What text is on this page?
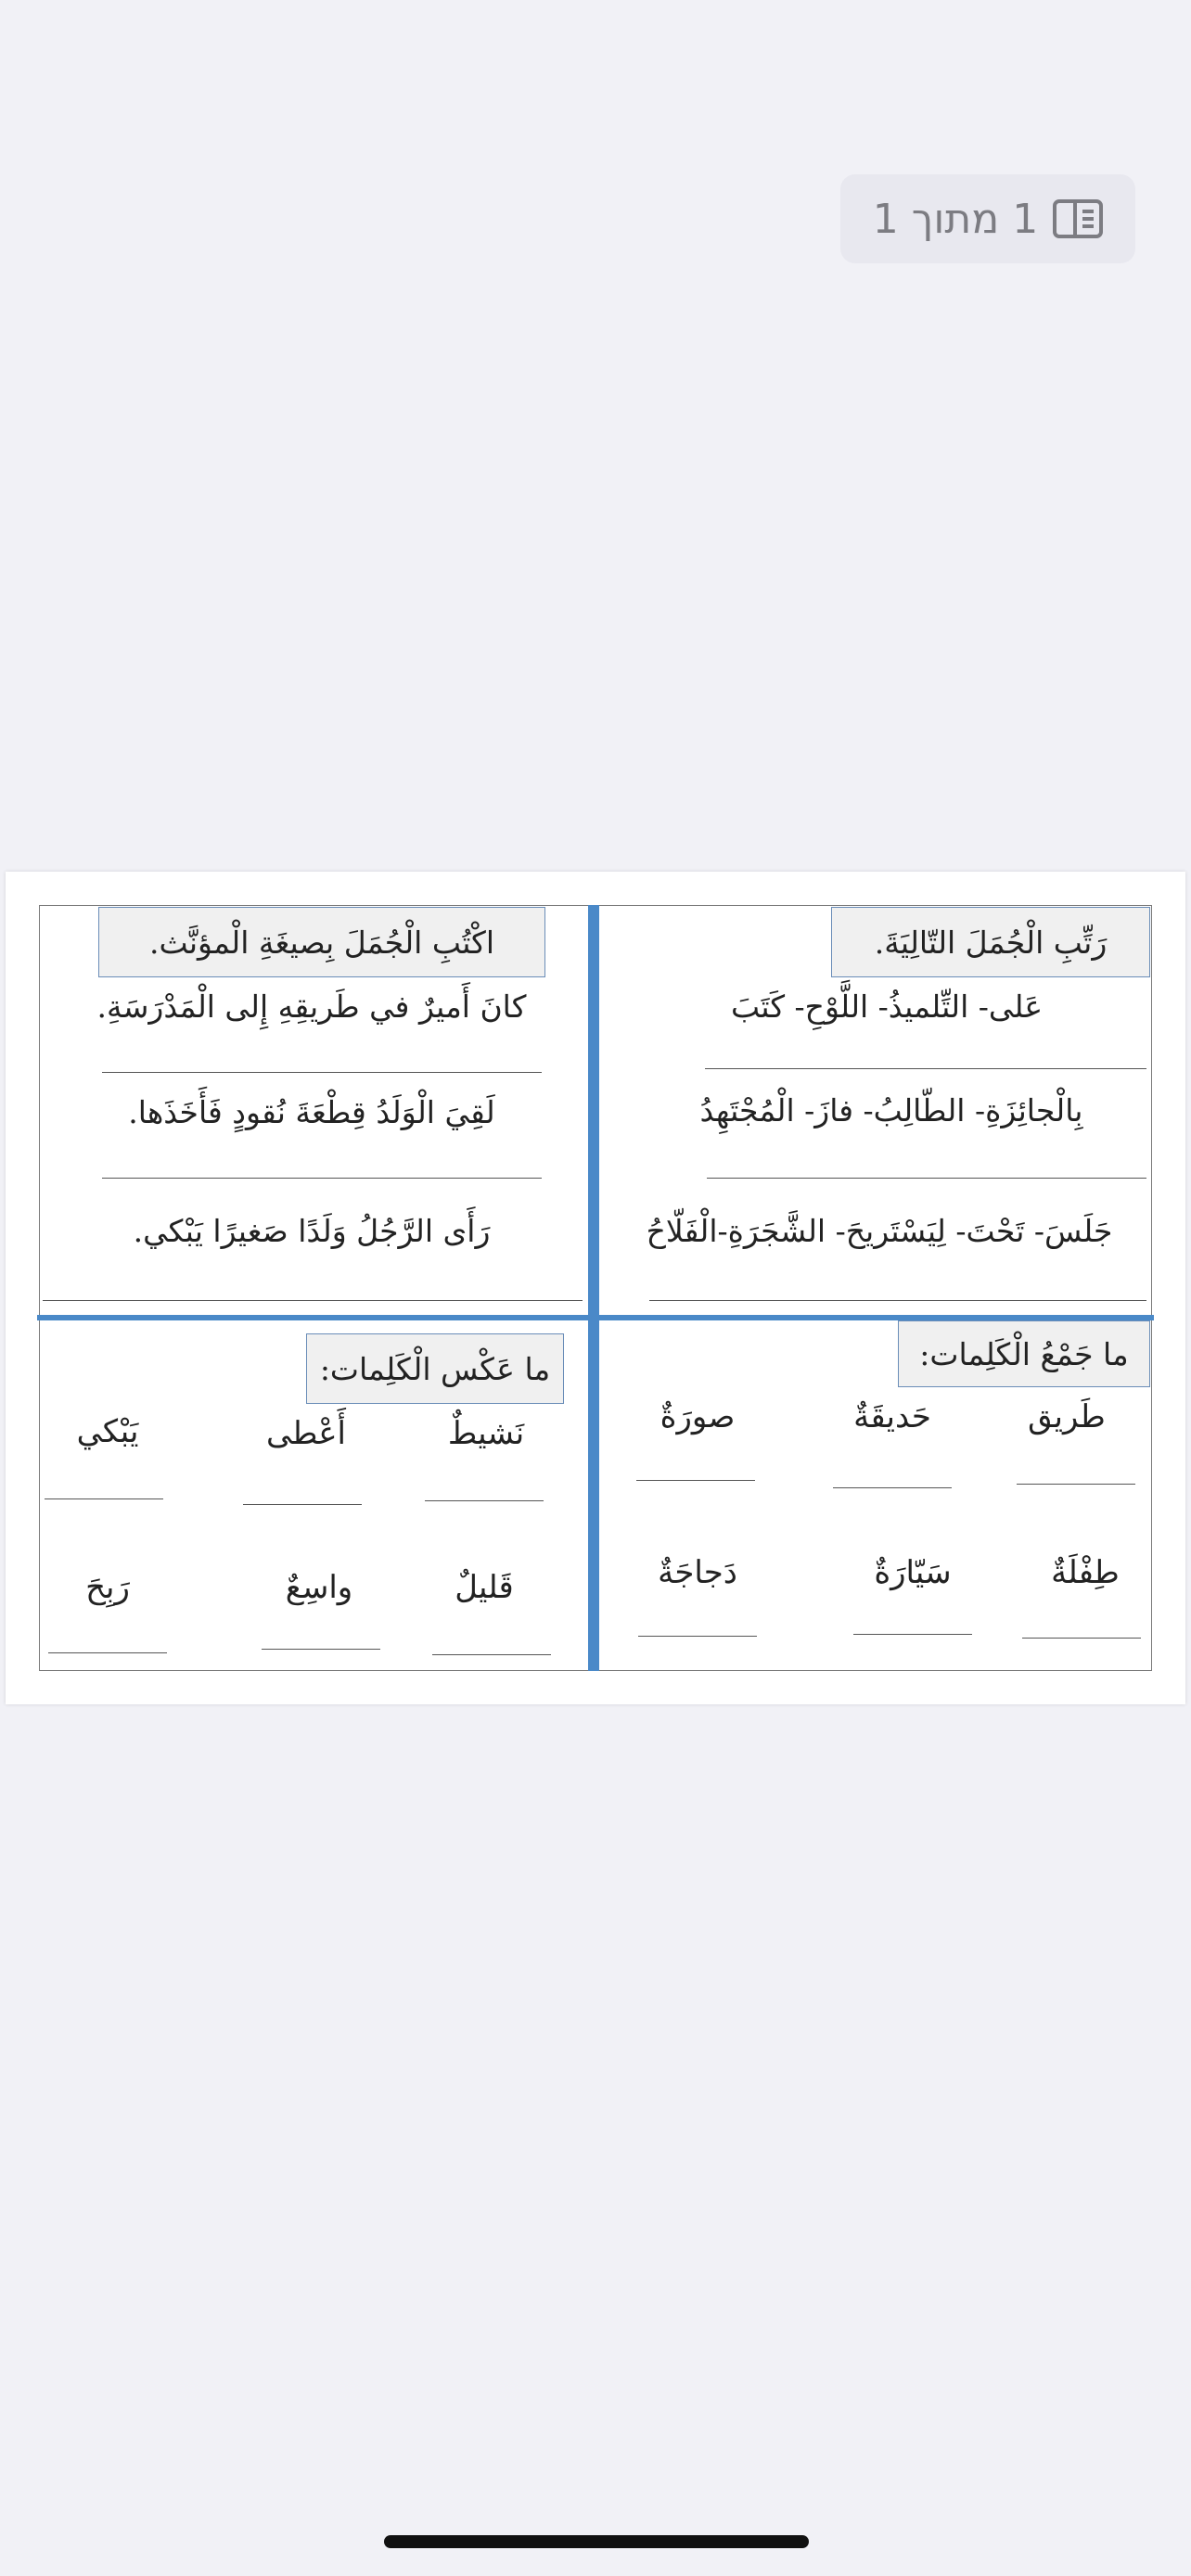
1 מתוך 1
رَتِّبِ الْجُمَلَ التّالِيَةَ.
عَلى- التِّلميذُ- اللَّوْحِ- كَتَبَ
بِالْجائِزَةِ- الطّالِبُ- فازَ- الْمُجْتَهِدُ
جَلَسَ- تَحْتَ- لِيَسْتَريحَ- الشَّجَرَةِ-الْفَلّاحُ
اكْتُبِ الْجُمَلَ بِصيغَةِ الْمؤنَّث.
كانَ أَميرٌ في طَريقِهِ إِلى الْمَدْرَسَةِ.
لَقِيَ الْوَلَدُ قِطْعَةَ نُقودٍ فَأَخَذَها.
رَأَى الرَّجُلُ وَلَدًا صَغيرًا يَبْكي.
ما جَمْعُ الْكَلِمات:
طَريق
حَديقَةٌ
صورَةٌ
طِفْلَةٌ
سَيّارَةٌ
دَجاجَةٌ
ما عَكْس الْكَلِمات:
نَشيطٌ
أَعْطى
يَبْكي
قَليلٌ
واسِعٌ
رَبِحَ
